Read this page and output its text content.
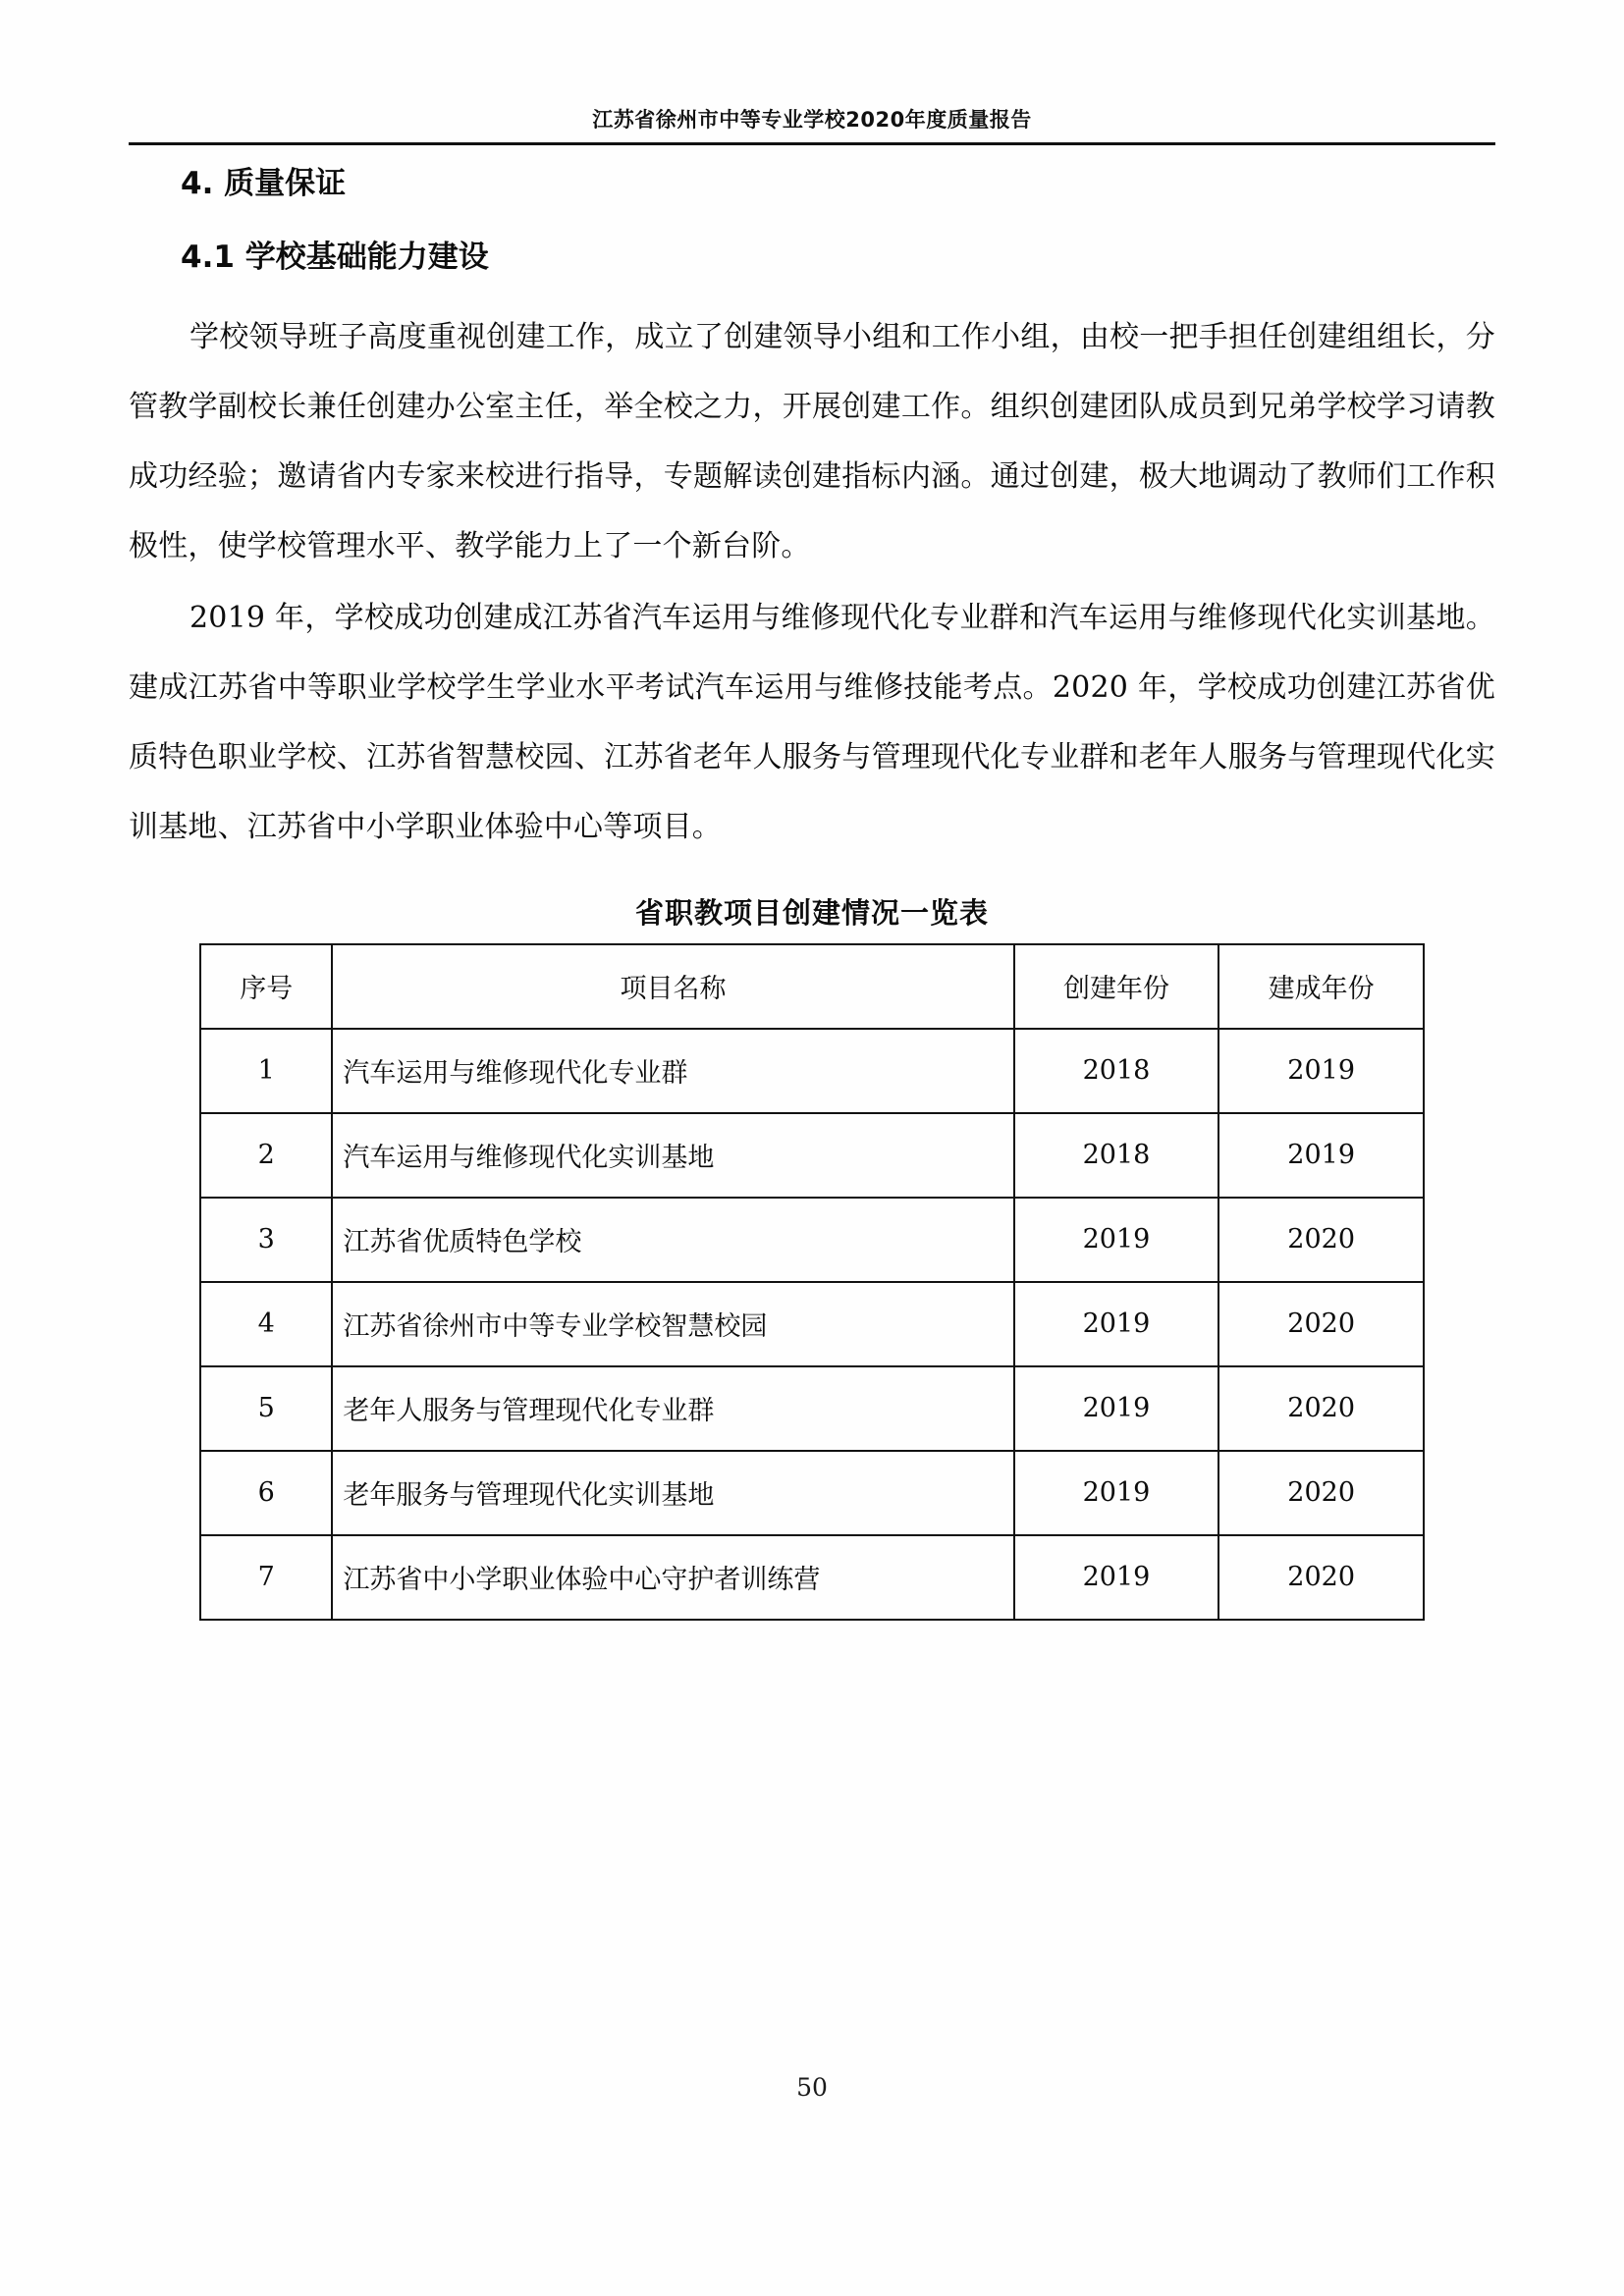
江苏省徐州市中等专业学校2020年度质量报告
4. 质量保证
4.1 学校基础能力建设

学校领导班子高度重视创建工作，成立了创建领导小组和工作小组，由校一把手担任创建组组长，分管教学副校长兼任创建办公室主任，举全校之力，开展创建工作。组织创建团队成员到兄弟学校学习请教成功经验；邀请省内专家来校进行指导，专题解读创建指标内涵。通过创建，极大地调动了教师们工作积极性，使学校管理水平、教学能力上了一个新台阶。

2019 年，学校成功创建成江苏省汽车运用与维修现代化专业群和汽车运用与维修现代化实训基地。建成江苏省中等职业学校学生学业水平考试汽车运用与维修技能考点。2020 年，学校成功创建江苏省优质特色职业学校、江苏省智慧校园、江苏省老年人服务与管理现代化专业群和老年人服务与管理现代化实训基地、江苏省中小学职业体验中心等项目。

省职教项目创建情况一览表
序号	项目名称	创建年份	建成年份
1	汽车运用与维修现代化专业群	2018	2019
2	汽车运用与维修现代化实训基地	2018	2019
3	江苏省优质特色学校	2019	2020
4	江苏省徐州市中等专业学校智慧校园	2019	2020
5	老年人服务与管理现代化专业群	2019	2020
6	老年服务与管理现代化实训基地	2019	2020
7	江苏省中小学职业体验中心守护者训练营	2019	2020
50
